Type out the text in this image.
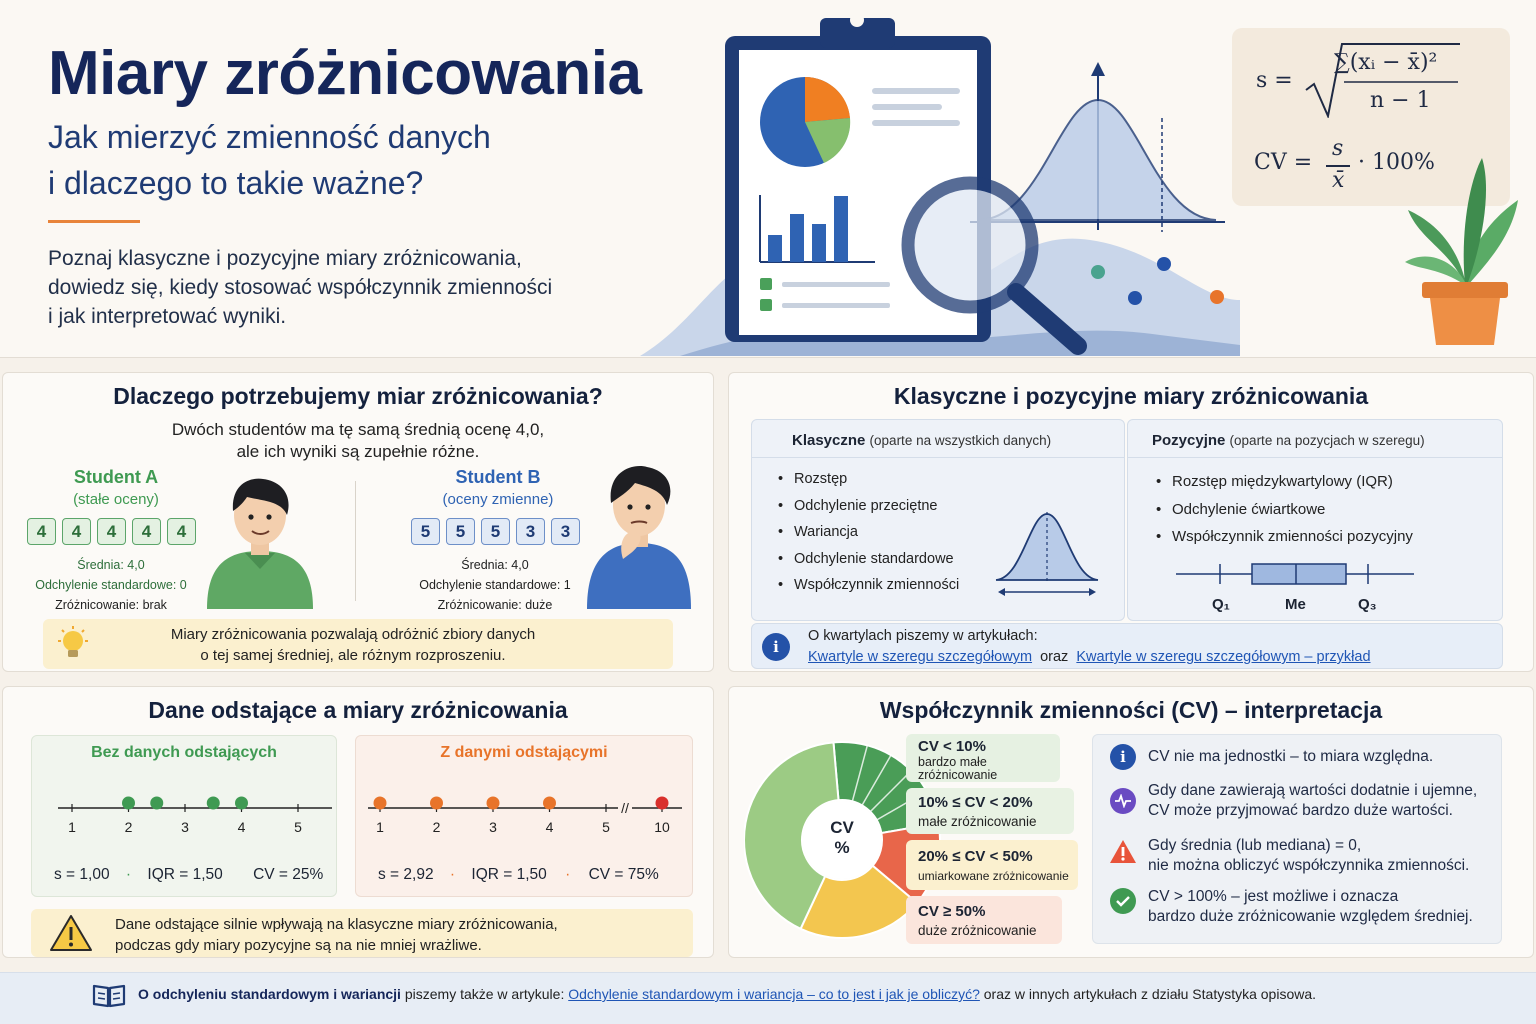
Miary zróżnicowania
Jak mierzyć zmienność danych
i dlaczego to takie ważne?
Poznaj klasyczne i pozycyjne miary zróżnicowania,
dowiedz się, kiedy stosować współczynnik zmienności
i jak interpretować wyniki.
s =
∑(xᵢ − x̄)²
n − 1
CV =
s
x̄
· 100%
Dlaczego potrzebujemy miar zróżnicowania?
Dwóch studentów ma tę samą średnią ocenę 4,0,
ale ich wyniki są zupełnie różne.
Student A
(stałe oceny)
4	4	4	4	4
Średnia: 4,0
Odchylenie standardowe: 0
Zróżnicowanie: brak
Student B
(oceny zmienne)
5	5	5	3	3
Średnia: 4,0
Odchylenie standardowe: 1
Zróżnicowanie: duże
Miary zróżnicowania pozwalają odróżnić zbiory danych
o tej samej średniej, ale różnym rozproszeniu.
Klasyczne i pozycyjne miary zróżnicowania
Klasyczne (oparte na wszystkich danych)
• Rozstęp
• Odchylenie przeciętne
• Wariancja
• Odchylenie standardowe
• Współczynnik zmienności
Pozycyjne (oparte na pozycjach w szeregu)
• Rozstęp międzykwartylowy (IQR)
• Odchylenie ćwiartkowe
• Współczynnik zmienności pozycyjny
Q₁	Me	Q₃
i
O kwartylach piszemy w artykułach:
Kwartyle w szeregu szczegółowym oraz Kwartyle w szeregu szczegółowym – przykład
Dane odstające a miary zróżnicowania
Bez danych odstających
1	2	3	4	5
s = 1,00 · IQR = 1,50 CV = 25%
Z danymi odstającymi
//
1	2	3	4	5	10
s = 2,92 · IQR = 1,50 · CV = 75%
Dane odstające silnie wpływają na klasyczne miary zróżnicowania,
podczas gdy miary pozycyjne są na nie mniej wrażliwe.
Współczynnik zmienności (CV) – interpretacja
CV
%
CV < 10%
bardzo małe zróżnicowanie
10% ≤ CV < 20%
małe zróżnicowanie
20% ≤ CV < 50%
umiarkowane zróżnicowanie
CV ≥ 50%
duże zróżnicowanie
i	CV nie ma jednostki – to miara względna.
Gdy dane zawierają wartości dodatnie i ujemne,
CV może przyjmować bardzo duże wartości.
Gdy średnia (lub mediana) = 0,
nie można obliczyć współczynnika zmienności.
CV > 100% – jest możliwe i oznacza
bardzo duże zróżnicowanie względem średniej.
O odchyleniu standardowym i wariancji piszemy także w artykule: Odchylenie standardowym i wariancja – co to jest i jak je obliczyć? oraz w innych artykułach z działu Statystyka opisowa.
